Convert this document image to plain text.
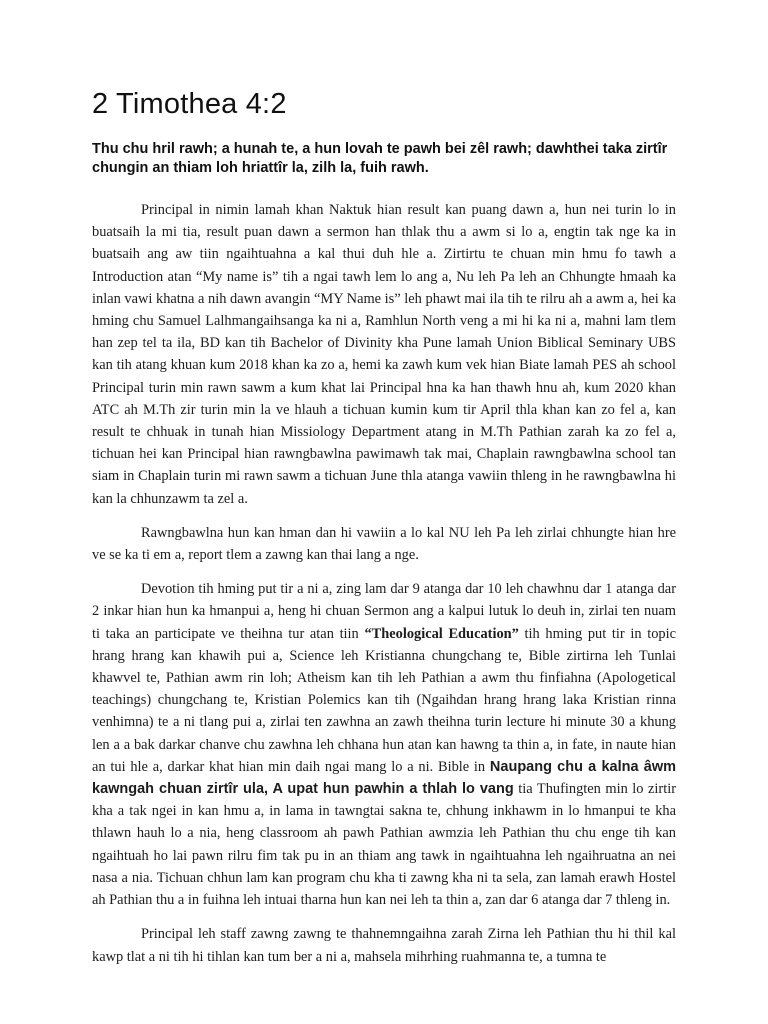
2 Timothea 4:2

Thu chu hril rawh; a hunah te, a hun lovah te pawh bei zêl rawh; dawhthei taka zirtîr chungin an thiam loh hriattîr la, zilh la, fuih rawh.

Principal in nimin lamah khan Naktuk hian result kan puang dawn a, hun nei turin lo in buatsaih la mi tia, result puan dawn a sermon han thlak thu a awm si lo a, engtin tak nge ka in buatsaih ang aw tiin ngaihtuahna a kal thui duh hle a. Zirtirtu te chuan min hmu fo tawh a Introduction atan “My name is” tih a ngai tawh lem lo ang a, Nu leh Pa leh an Chhungte hmaah ka inlan vawi khatna a nih dawn avangin “MY Name is” leh phawt mai ila tih te rilru ah a awm a, hei ka hming chu Samuel Lalhmangaihsanga ka ni a, Ramhlun North veng a mi hi ka ni a, mahni lam tlem han zep tel ta ila, BD kan tih Bachelor of Divinity kha Pune lamah Union Biblical Seminary UBS kan tih atang khuan kum 2018 khan ka zo a, hemi ka zawh kum vek hian Biate lamah PES ah school Principal turin min rawn sawm a kum khat lai Principal hna ka han thawh hnu ah, kum 2020 khan ATC ah M.Th zir turin min la ve hlauh a tichuan kumin kum tir April thla khan kan zo fel a, kan result te chhuak in tunah hian Missiology Department atang in M.Th Pathian zarah ka zo fel a, tichuan hei kan Principal hian rawngbawlna pawimawh tak mai, Chaplain rawngbawlna school tan siam in Chaplain turin mi rawn sawm a tichuan June thla atanga vawiin thleng in he rawngbawlna hi kan la chhunzawm ta zel a.

Rawngbawlna hun kan hman dan hi vawiin a lo kal NU leh Pa leh zirlai chhungte hian hre ve se ka ti em a, report tlem a zawng kan thai lang a nge.

Devotion tih hming put tir a ni a, zing lam dar 9 atanga dar 10 leh chawhnu dar 1 atanga dar 2 inkar hian hun ka hmanpui a, heng hi chuan Sermon ang a kalpui lutuk lo deuh in, zirlai ten nuam ti taka an participate ve theihna tur atan tiin “Theological Education” tih hming put tir in topic hrang hrang kan khawih pui a, Science leh Kristianna chungchang te, Bible zirtirna leh Tunlai khawvel te, Pathian awm rin loh; Atheism kan tih leh Pathian a awm thu finfiahna (Apologetical teachings) chungchang te, Kristian Polemics kan tih (Ngaihdan hrang hrang laka Kristian rinna venhimna) te a ni tlang pui a, zirlai ten zawhna an zawh theihna turin lecture hi minute 30 a khung len a a bak darkar chanve chu zawhna leh chhana hun atan kan hawng ta thin a, in fate, in naute hian an tui hle a, darkar khat hian min daih ngai mang lo a ni. Bible in Naupang chu a kalna âwm kawngah chuan zirtîr ula, A upat hun pawhin a thlah lo vang tia Thufingten min lo zirtir kha a tak ngei in kan hmu a, in lama in tawngtai sakna te, chhung inkhawm in lo hmanpui te kha thlawn hauh lo a nia, heng classroom ah pawh Pathian awmzia leh Pathian thu chu enge tih kan ngaihtuah ho lai pawn rilru fim tak pu in an thiam ang tawk in ngaihtuahna leh ngaihruatna an nei nasa a nia. Tichuan chhun lam kan program chu kha ti zawng kha ni ta sela, zan lamah erawh Hostel ah Pathian thu a in fuihna leh intuai tharna hun kan nei leh ta thin a, zan dar 6 atanga dar 7 thleng in.

Principal leh staff zawng zawng te thahnemngaihna zarah Zirna leh Pathian thu hi thil kal kawp tlat a ni tih hi tihlan kan tum ber a ni a, mahsela mihrhing ruahmanna te, a tumna te
